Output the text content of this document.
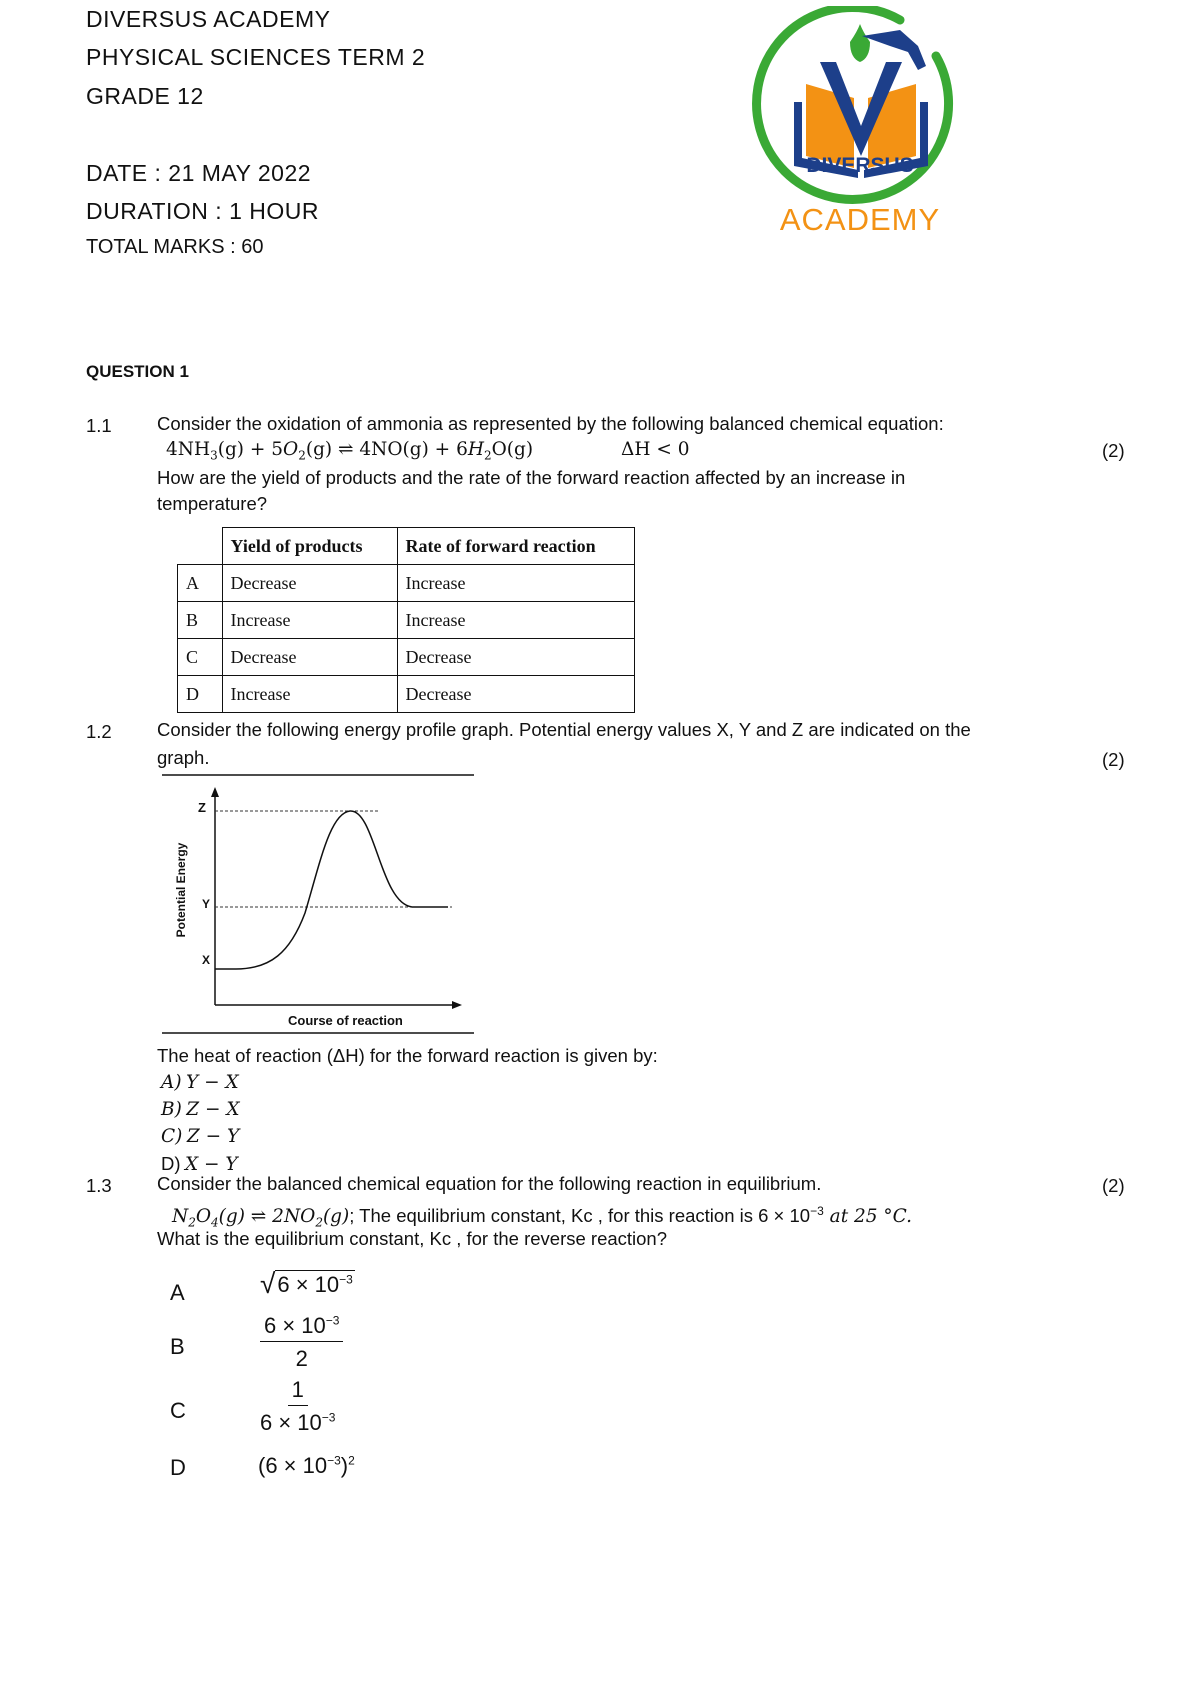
DIVERSUS ACADEMY
PHYSICAL SCIENCES TERM 2
GRADE 12
DATE : 21 MAY 2022
DURATION : 1 HOUR
TOTAL MARKS : 60
DIVERSUS
ACADEMY
QUESTION 1
1.1 Consider the oxidation of ammonia as represented by the following balanced chemical equation:
$4NH_3(g) + 5O_2(g)$ ⇌ $4NO(g) + 6H_2O(g)$	ΔH < 0	(2)
How are the yield of products and the rate of the forward reaction affected by an increase in
temperature?
	Yield of products	Rate of forward reaction
A	Decrease	Increase
B	Increase	Increase
C	Decrease	Decrease
D	Increase	Decrease
1.2 Consider the following energy profile graph. Potential energy values X, Y and Z are indicated on the
graph.	(2)
Z
Y
X
Potential Energy
Course of reaction
The heat of reaction (ΔH) for the forward reaction is given by:
A) Y − X
B) Z − X
C) Z − Y
D) X − Y
1.3 Consider the balanced chemical equation for the following reaction in equilibrium.	(2)
$N_2O_4(g)$ ⇌ $2NO_2(g)$; The equilibrium constant, Kc , for this reaction is $6 \times 10^{-3}$ at 25 °C.
What is the equilibrium constant, Kc , for the reverse reaction?
A	√ $6 \times 10^{-3}$
B	$\frac{6 \times 10^{-3}}{2}$
C	$\frac{1}{6 \times 10^{-3}}$
D	$(6 \times 10^{-3})^2$
